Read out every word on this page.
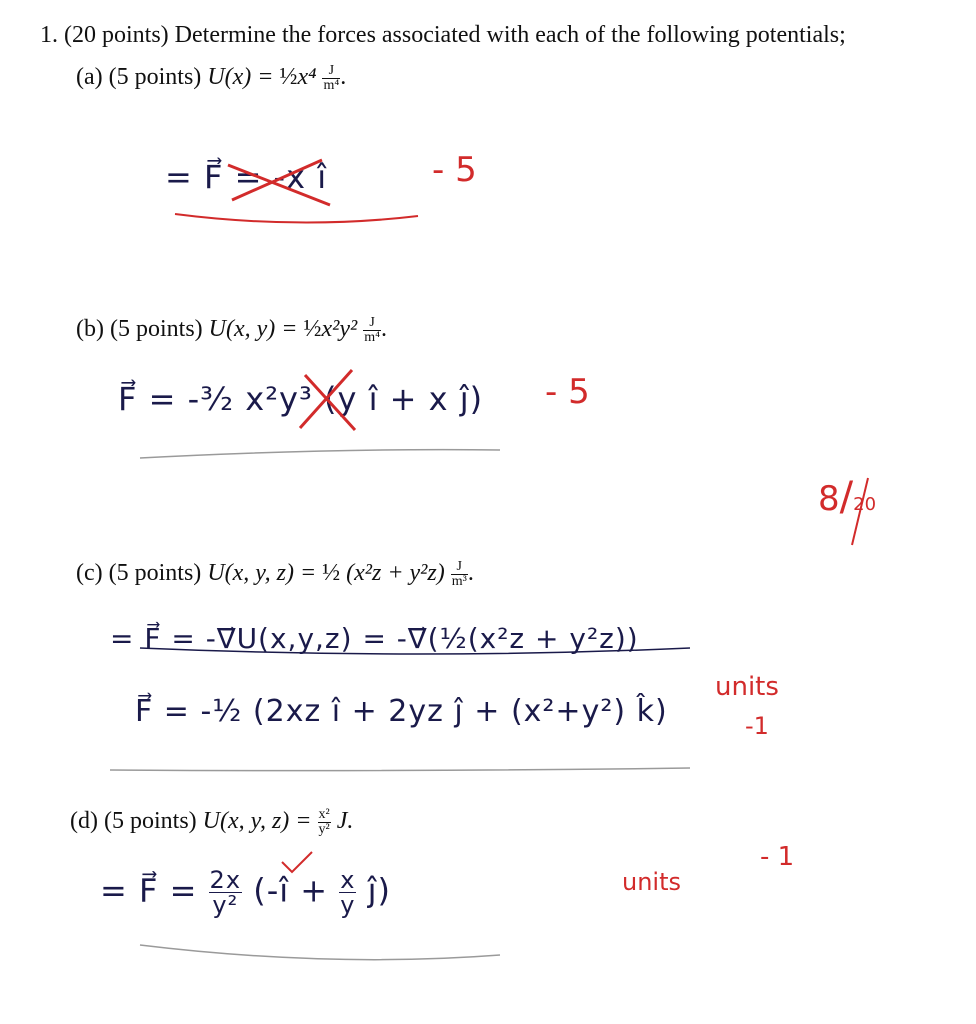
1. (20 points) Determine the forces associated with each of the following potentials;
(a) (5 points) U(x) = ½x⁴ $\frac{J}{\text{m⁴}}$ .
= F⃗ = -x î	- 5
(b) (5 points) U(x, y) = ½x²y² $\frac{J}{\text{m⁴}}$ .
F⃗ = -³⁄₂ x²y³ (y î + x ĵ) - 5
8/20
(c) (5 points) U(x, y, z) = ½ $(x^2z + y^2z) \frac{J}{\text{m³}}$ .
= F⃗ = -∇⃗U(x,y,z) = -∇⃗(½(x²z + y²z))
F⃗ = -½ (2xz î + 2yz ĵ + (x²+y²) k̂)
units
-1
(d) (5 points) U(x, y, $z) = \frac{\text{x²}}{\text{y²}} J$.
= F⃗ = $\frac{2x}{\text{y²}}$ (-î + $\frac{x}{y}$ ĵ)	units
- 1
